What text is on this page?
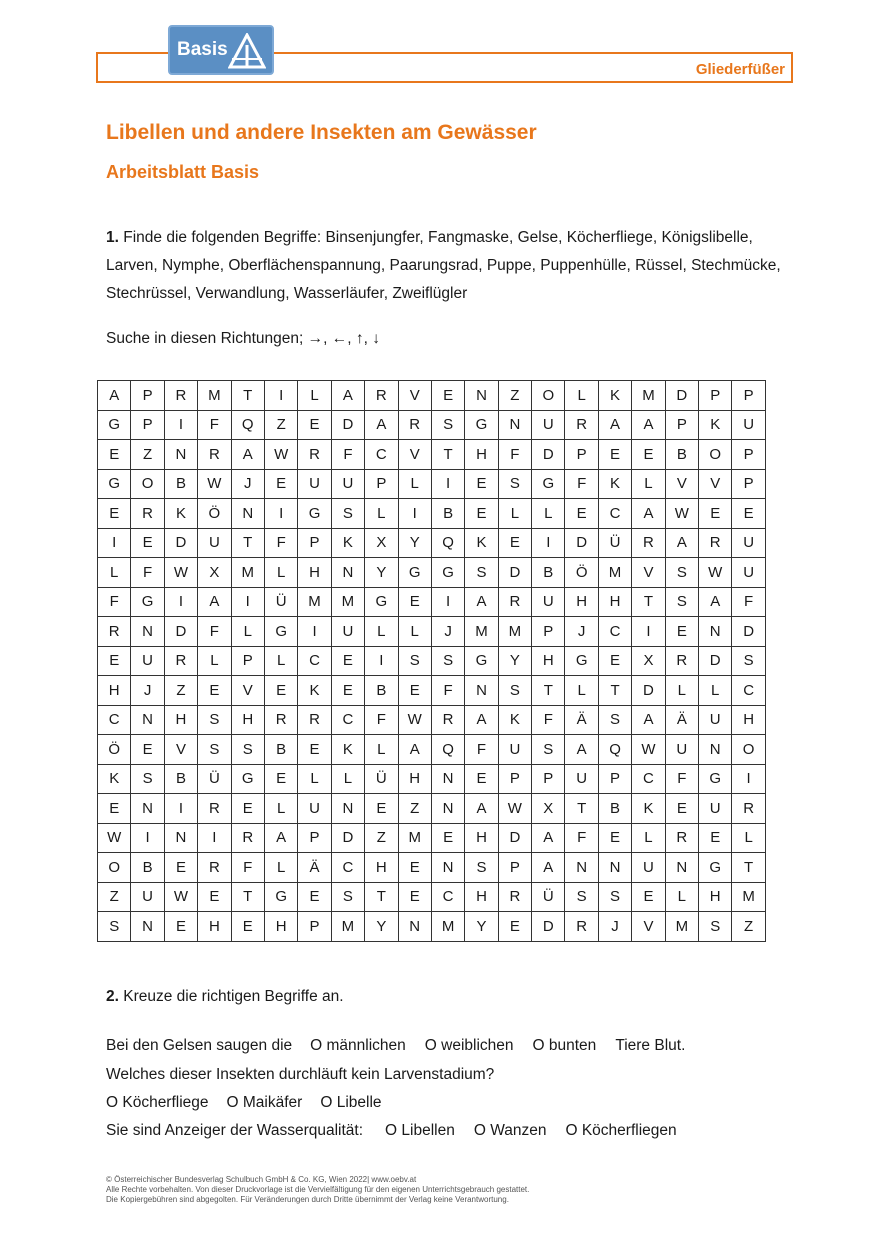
Basis
Gliederfüßer
Libellen und andere Insekten am Gewässer
Arbeitsblatt Basis
1. Finde die folgenden Begriffe: Binsenjungfer, Fangmaske, Gelse, Köcherfliege, Königslibelle, Larven, Nymphe, Oberflächenspannung, Paarungsrad, Puppe, Puppenhülle, Rüssel, Stechmücke, Stechrüssel, Verwandlung, Wasserläufer, Zweiflügler
Suche in diesen Richtungen; →, ←, ↑, ↓
A	P	R	M	T	I	L	A	R	V	E	N	Z	O	L	K	M	D	P	P
G	P	I	F	Q	Z	E	D	A	R	S	G	N	U	R	A	A	P	K	U
E	Z	N	R	A	W	R	F	C	V	T	H	F	D	P	E	E	B	O	P
G	O	B	W	J	E	U	U	P	L	I	E	S	G	F	K	L	V	V	P
E	R	K	Ö	N	I	G	S	L	I	B	E	L	L	E	C	A	W	E	E
I	E	D	U	T	F	P	K	X	Y	Q	K	E	I	D	Ü	R	A	R	U
L	F	W	X	M	L	H	N	Y	G	G	S	D	B	Ö	M	V	S	W	U
F	G	I	A	I	Ü	M	M	G	E	I	A	R	U	H	H	T	S	A	F
R	N	D	F	L	G	I	U	L	L	J	M	M	P	J	C	I	E	N	D
E	U	R	L	P	L	C	E	I	S	S	G	Y	H	G	E	X	R	D	S
H	J	Z	E	V	E	K	E	B	E	F	N	S	T	L	T	D	L	L	C
C	N	H	S	H	R	R	C	F	W	R	A	K	F	Ä	S	A	Ä	U	H
Ö	E	V	S	S	B	E	K	L	A	Q	F	U	S	A	Q	W	U	N	O
K	S	B	Ü	G	E	L	L	Ü	H	N	E	P	P	U	P	C	F	G	I
E	N	I	R	E	L	U	N	E	Z	N	A	W	X	T	B	K	E	U	R
W	I	N	I	R	A	P	D	Z	M	E	H	D	A	F	E	L	R	E	L
O	B	E	R	F	L	Ä	C	H	E	N	S	P	A	N	N	U	N	G	T
Z	U	W	E	T	G	E	S	T	E	C	H	R	Ü	S	S	E	L	H	M
S	N	E	H	E	H	P	M	Y	N	M	Y	E	D	R	J	V	M	S	Z
2. Kreuze die richtigen Begriffe an.
Bei den Gelsen saugen die O männlichen O weiblichen O bunten Tiere Blut.
Welches dieser Insekten durchläuft kein Larvenstadium?
O Köcherfliege O Maikäfer O Libelle
Sie sind Anzeiger der Wasserqualität: O Libellen O Wanzen O Köcherfliegen
© Österreichischer Bundesverlag Schulbuch GmbH & Co. KG, Wien 2022| www.oebv.at
Alle Rechte vorbehalten. Von dieser Druckvorlage ist die Vervielfältigung für den eigenen Unterrichtsgebrauch gestattet.
Die Kopiergebühren sind abgegolten. Für Veränderungen durch Dritte übernimmt der Verlag keine Verantwortung.
